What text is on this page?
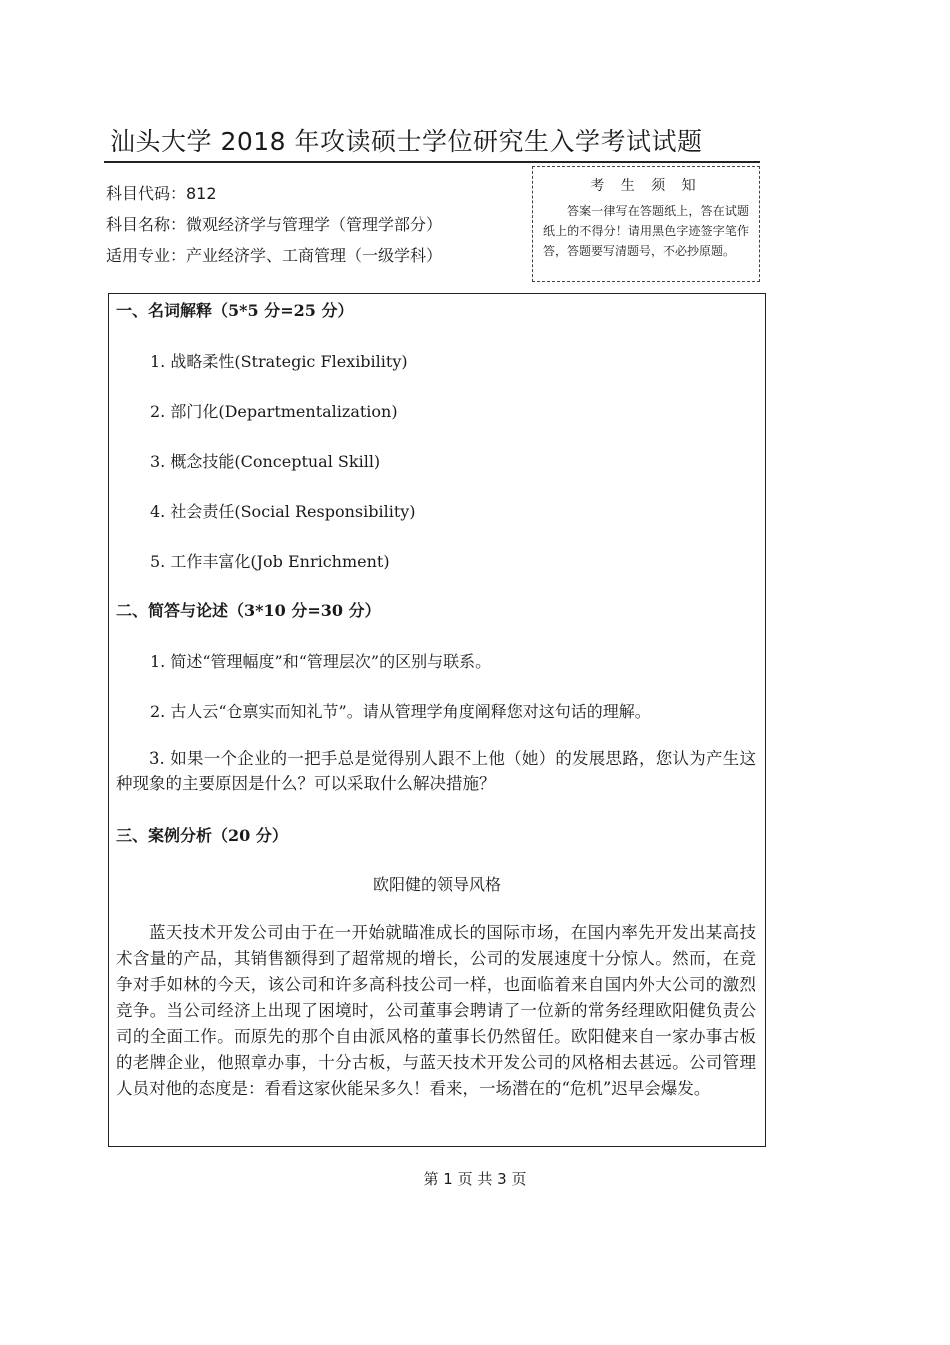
汕头大学 2018 年攻读硕士学位研究生入学考试试题
科目代码：812
科目名称：微观经济学与管理学（管理学部分）
适用专业：产业经济学、工商管理（一级学科）
考 生 须 知
答案一律写在答题纸上，答在试题纸上的不得分！请用黑色字迹签字笔作答，答题要写清题号，不必抄原题。
一、名词解释（5*5 分=25 分）
1. 战略柔性(Strategic Flexibility)
2. 部门化(Departmentalization)
3. 概念技能(Conceptual Skill)
4. 社会责任(Social Responsibility)
5. 工作丰富化(Job Enrichment)
二、简答与论述（3*10 分=30 分）
1. 简述“管理幅度”和“管理层次”的区别与联系。
2. 古人云“仓禀实而知礼节”。请从管理学角度阐释您对这句话的理解。
3. 如果一个企业的一把手总是觉得别人跟不上他（她）的发展思路，您认为产生这种现象的主要原因是什么？可以采取什么解决措施？
三、案例分析（20 分）
欧阳健的领导风格
蓝天技术开发公司由于在一开始就瞄准成长的国际市场，在国内率先开发出某高技术含量的产品，其销售额得到了超常规的增长，公司的发展速度十分惊人。然而，在竞争对手如林的今天，该公司和许多高科技公司一样，也面临着来自国内外大公司的激烈竞争。当公司经济上出现了困境时，公司董事会聘请了一位新的常务经理欧阳健负责公司的全面工作。而原先的那个自由派风格的董事长仍然留任。欧阳健来自一家办事古板的老牌企业，他照章办事，十分古板，与蓝天技术开发公司的风格相去甚远。公司管理人员对他的态度是：看看这家伙能呆多久！看来，一场潜在的“危机”迟早会爆发。
第 1 页 共 3 页
